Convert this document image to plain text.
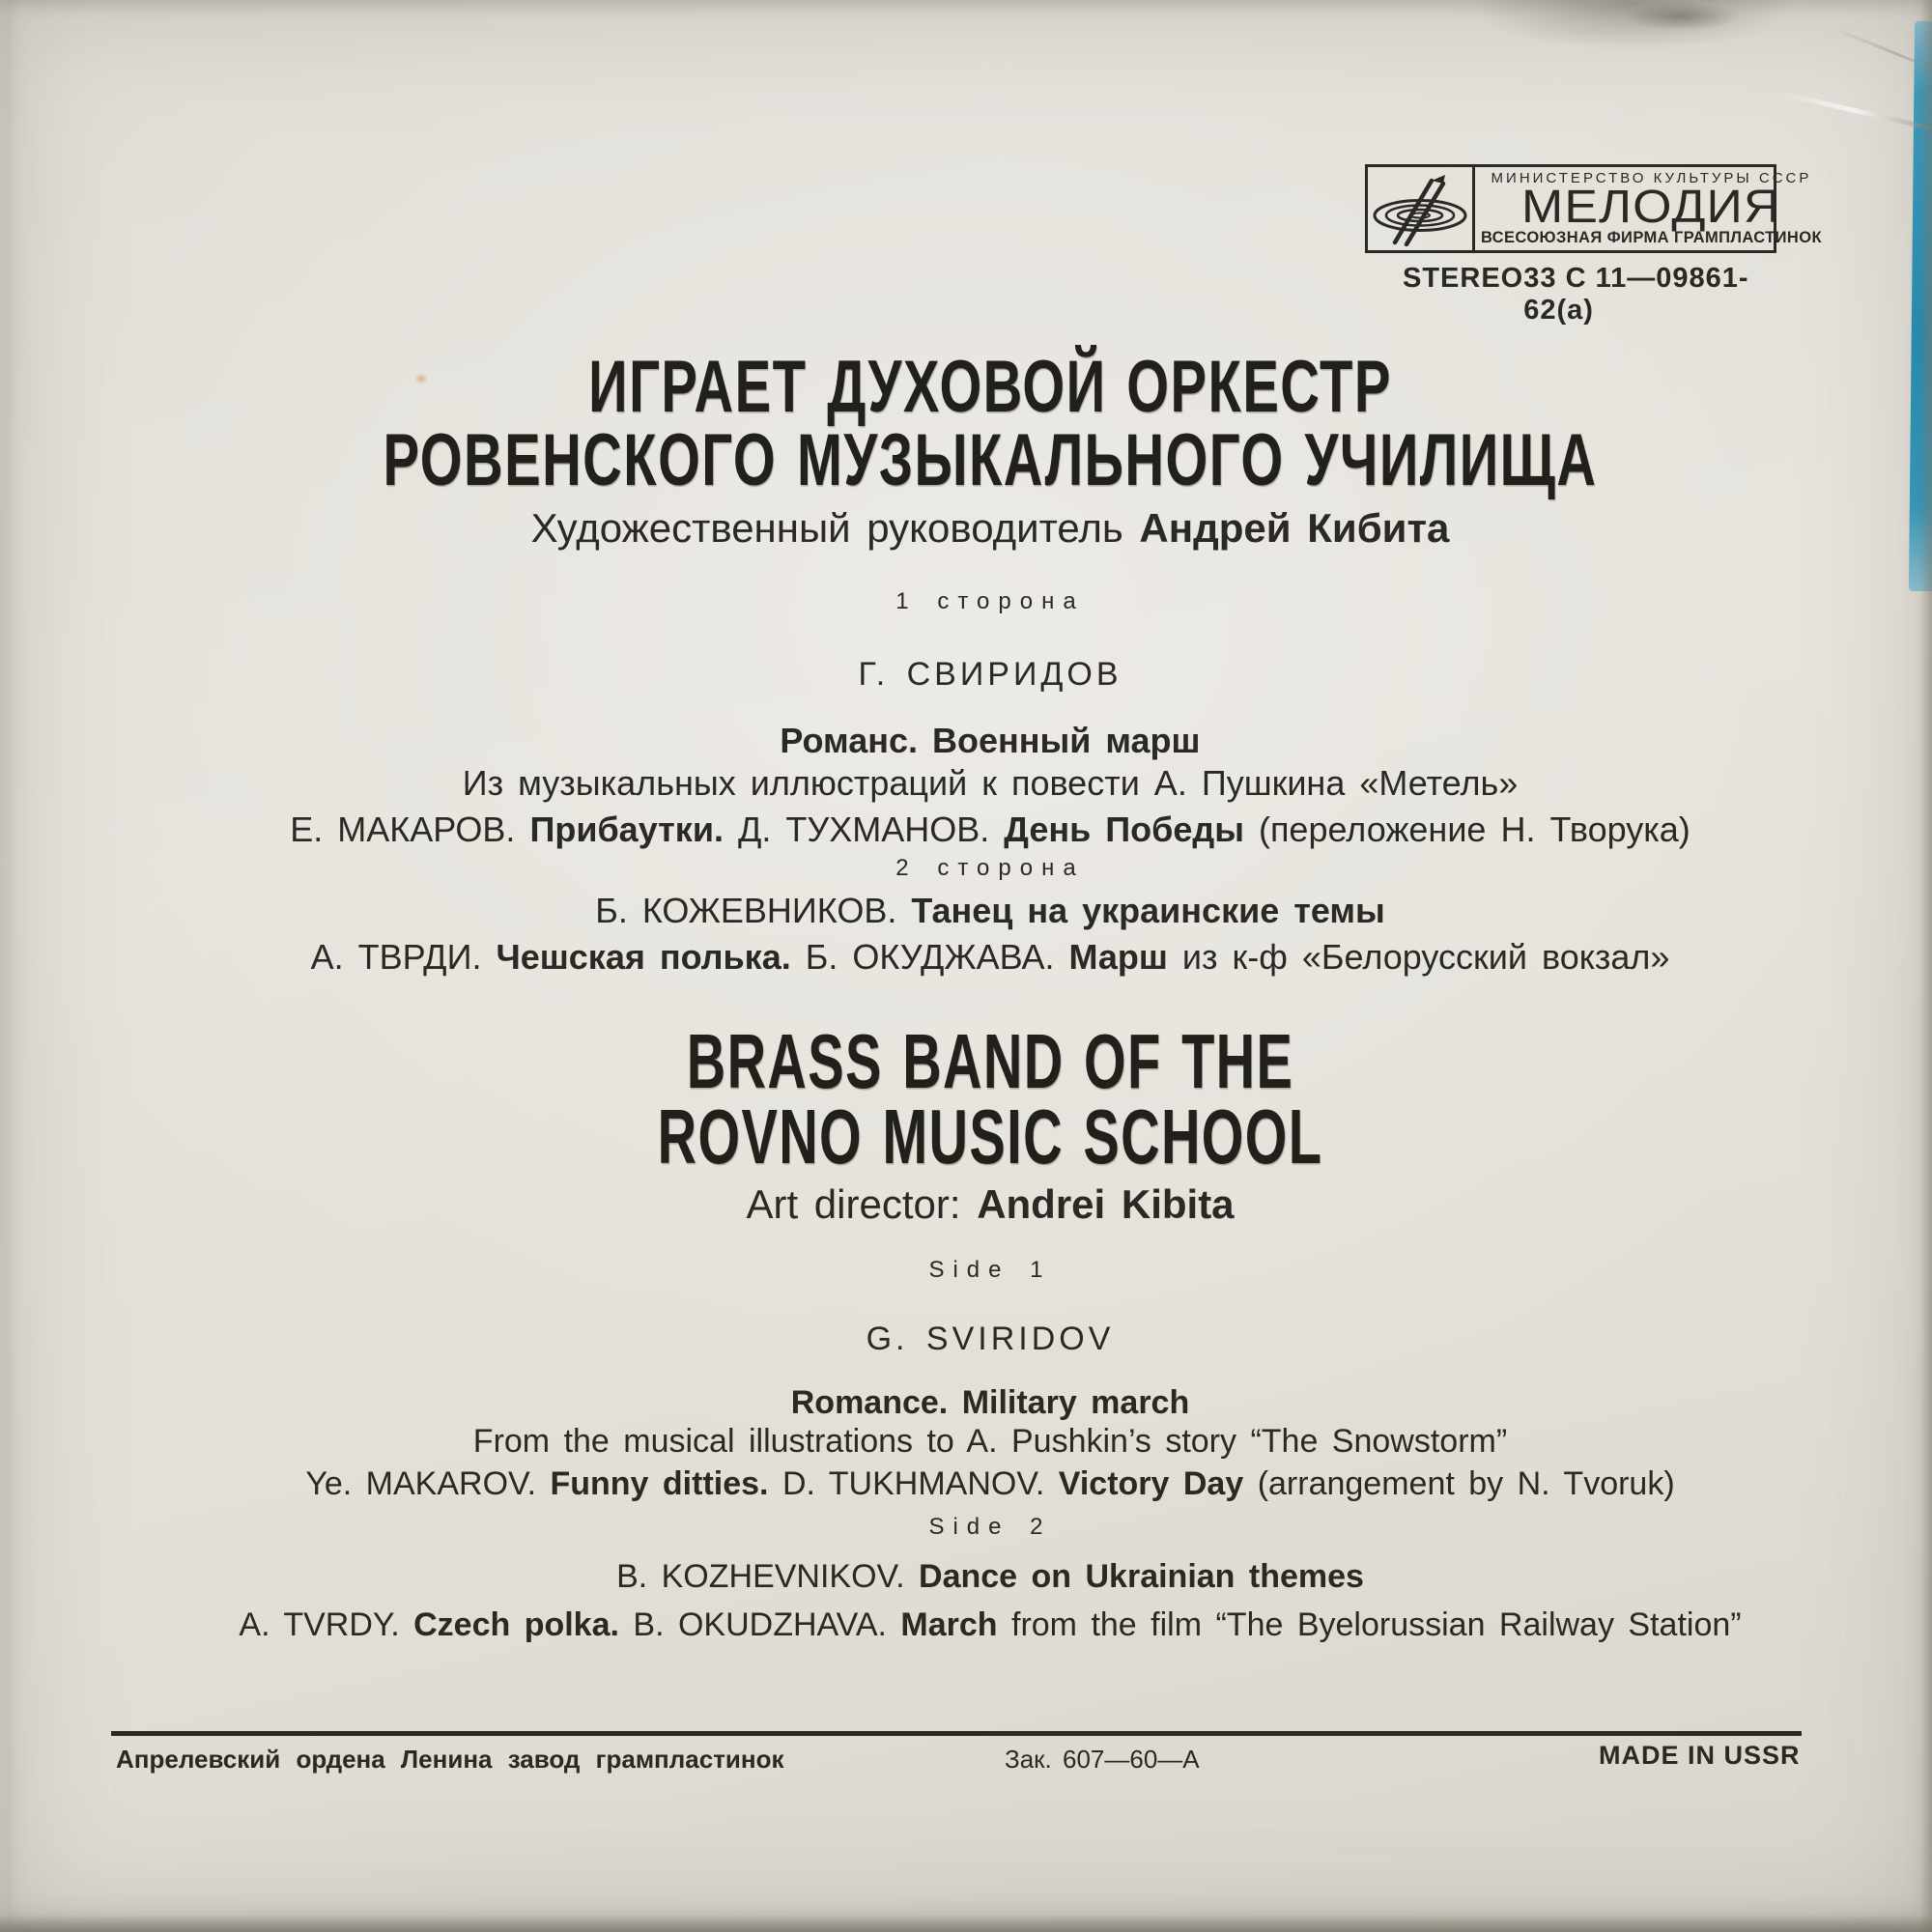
МИНИСТЕРСТВО КУЛЬТУРЫ СССР
МЕЛОДИЯ
ВСЕСОЮЗНАЯ ФИРМА ГРАМПЛАСТИНОК
STEREO 33 С 11—09861-62(а)
ИГРАЕТ ДУХОВОЙ ОРКЕСТР
РОВЕНСКОГО МУЗЫКАЛЬНОГО УЧИЛИЩА
Художественный руководитель Андрей Кибита
1 сторона
Г. СВИРИДОВ
Романс. Военный марш
Из музыкальных иллюстраций к повести А. Пушкина «Метель»
Е. МАКАРОВ. Прибаутки. Д. ТУХМАНОВ. День Победы (переложение Н. Творука)
2 сторона
Б. КОЖЕВНИКОВ. Танец на украинские темы
А. ТВРДИ. Чешская полька. Б. ОКУДЖАВА. Марш из к-ф «Белорусский вокзал»
BRASS BAND OF THE
ROVNO MUSIC SCHOOL
Art director: Andrei Kibita
Side 1
G. SVIRIDOV
Romance. Military march
From the musical illustrations to A. Pushkin’s story “The Snowstorm”
Ye. MAKAROV. Funny ditties. D. TUKHMANOV. Victory Day (arrangement by N. Tvoruk)
Side 2
B. KOZHEVNIKOV. Dance on Ukrainian themes
A. TVRDY. Czech polka. B. OKUDZHAVA. March from the film “The Byelorussian Railway Station”
Апрелевский ордена Ленина завод грампластинок	Зак. 607—60—А	MADE IN USSR
